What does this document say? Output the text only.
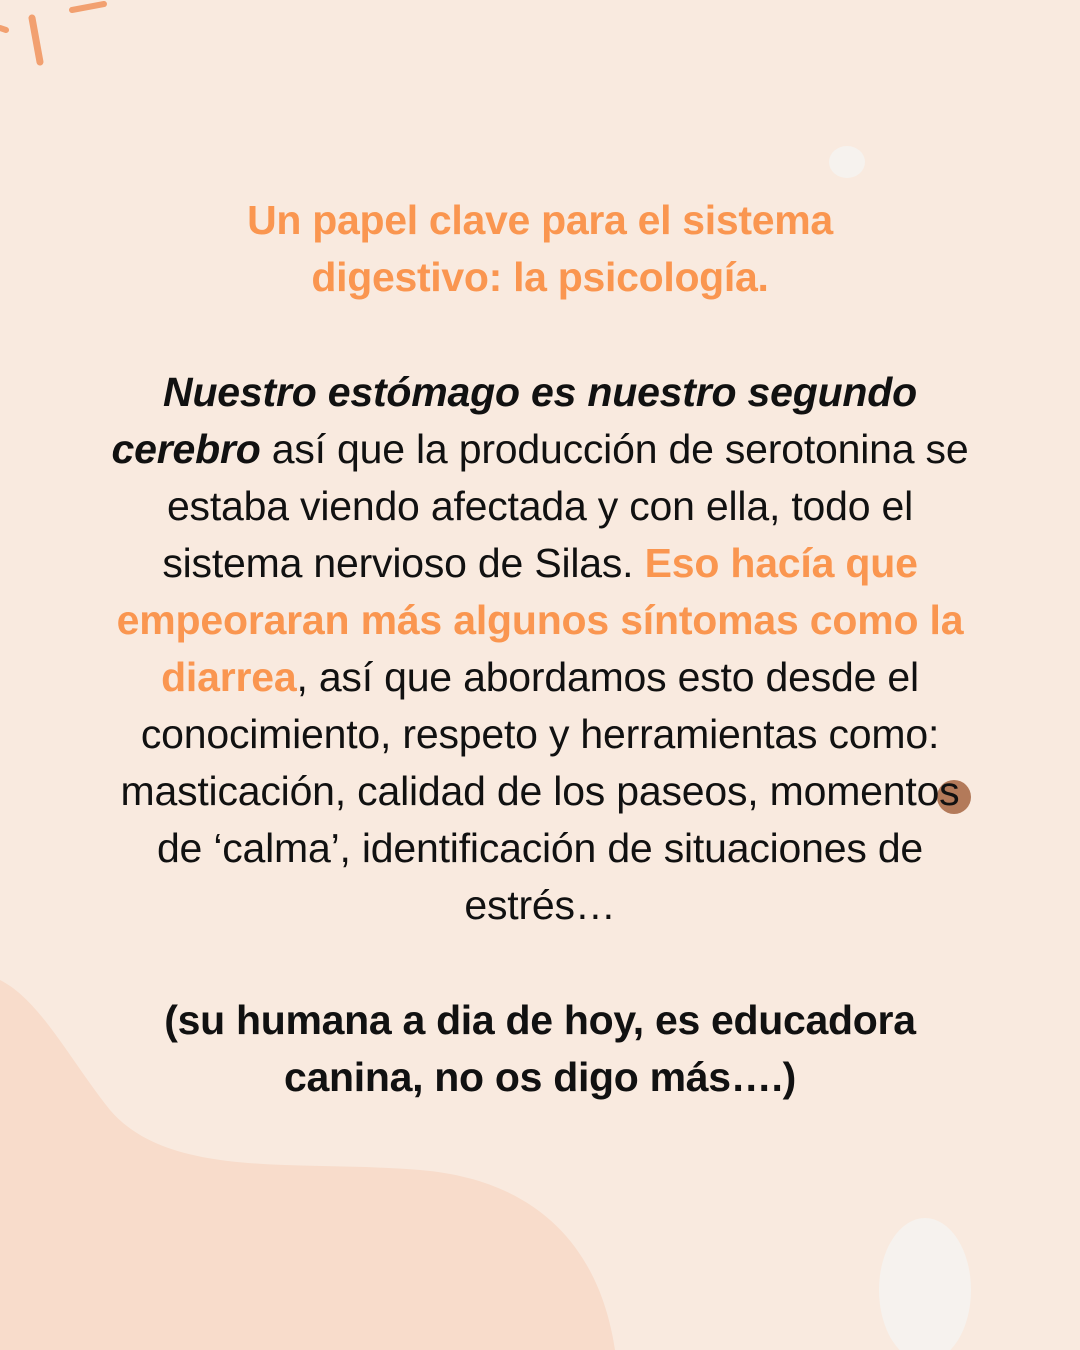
Un papel clave para el sistema
digestivo: la psicología.

Nuestro estómago es nuestro segundo cerebro así que la producción de serotonina se estaba viendo afectada y con ella, todo el sistema nervioso de Silas. Eso hacía que empeoraran más algunos síntomas como la diarrea, así que abordamos esto desde el conocimiento, respeto y herramientas como: masticación, calidad de los paseos, momentos de ‘calma’, identificación de situaciones de estrés…

(su humana a dia de hoy, es educadora canina, no os digo más….)
